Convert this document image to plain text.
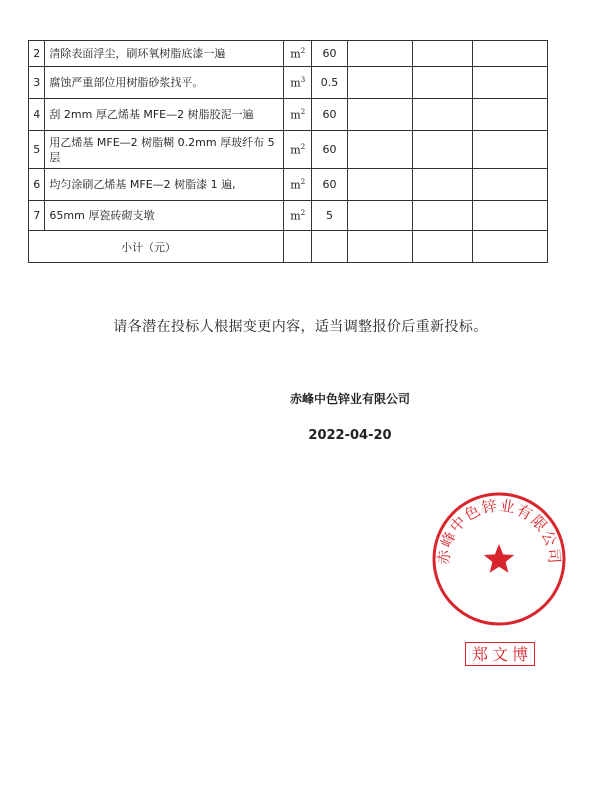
2	清除表面浮尘，刷环氧树脂底漆一遍	$m^2$	60			
3	腐蚀严重部位用树脂砂浆找平。	$m^3$	0.5			
4	刮 2mm 厚乙烯基 MFE—2 树脂胶泥一遍	$m^2$	60			
5	用乙烯基 MFE—2 树脂糊 0.2mm 厚玻纤布 5 层	$m^2$	60			
6	均匀涂刷乙烯基 MFE—2 树脂漆 1 遍,	$m^2$	60			
7	65mm 厚瓷砖砌支墩	$m^2$	5			
小计（元）						
请各潜在投标人根据变更内容，适当调整报价后重新投标。
赤峰中色锌业有限公司
2022-04-20
赤峰中色锌业有限公司
郑文博
